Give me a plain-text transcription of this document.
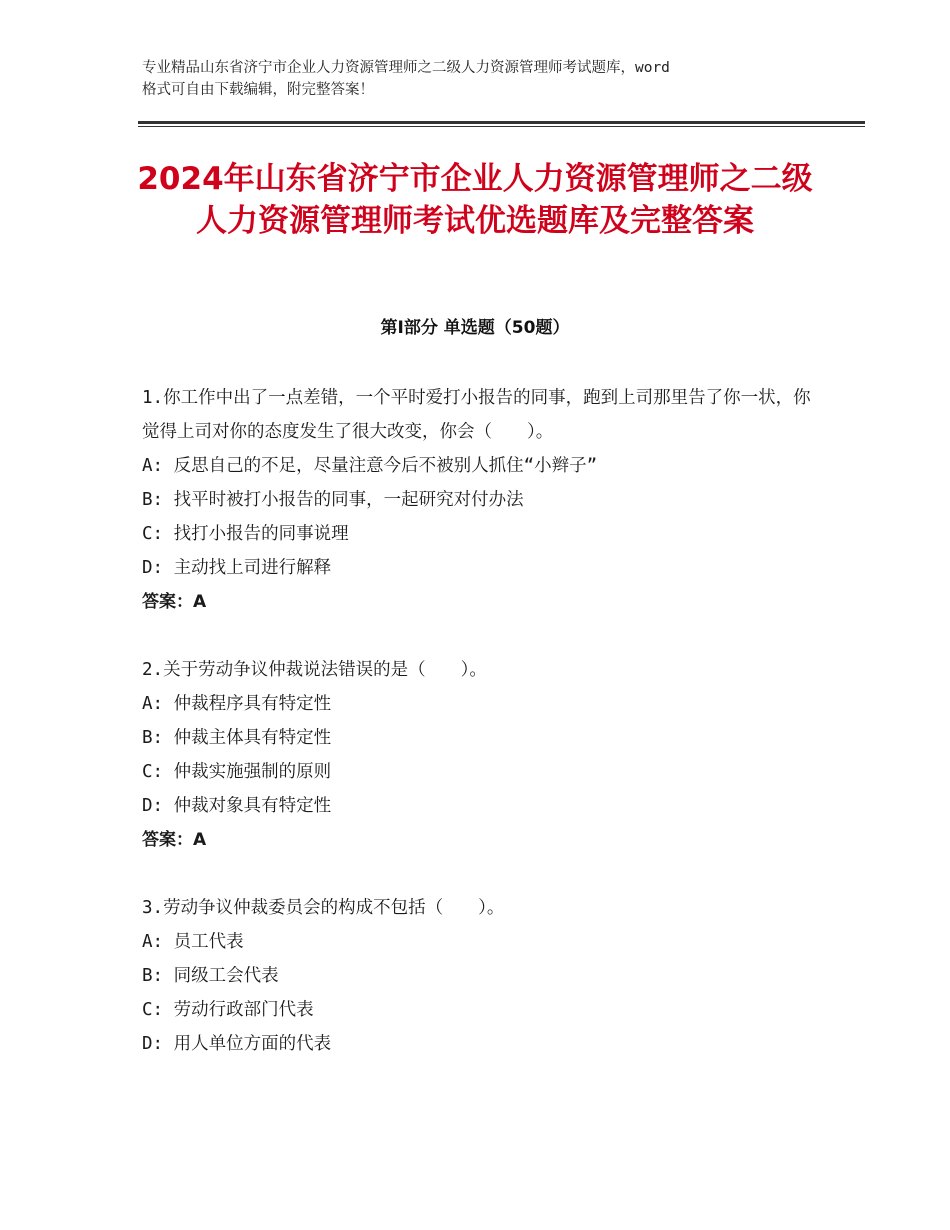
专业精品山东省济宁市企业人力资源管理师之二级人力资源管理师考试题库，word
格式可自由下载编辑，附完整答案！
2024年山东省济宁市企业人力资源管理师之二级人力资源管理师考试优选题库及完整答案
第Ⅰ部分 单选题（50题）

1.你工作中出了一点差错，一个平时爱打小报告的同事，跑到上司那里告了你一状，你觉得上司对你的态度发生了很大改变，你会（　　）。

A: 反思自己的不足，尽量注意今后不被别人抓住“小辫子”

B: 找平时被打小报告的同事，一起研究对付办法

C: 找打小报告的同事说理

D: 主动找上司进行解释

答案：A

2.关于劳动争议仲裁说法错误的是（　　）。

A: 仲裁程序具有特定性

B: 仲裁主体具有特定性

C: 仲裁实施强制的原则

D: 仲裁对象具有特定性

答案：A

3.劳动争议仲裁委员会的构成不包括（　　）。

A: 员工代表

B: 同级工会代表

C: 劳动行政部门代表

D: 用人单位方面的代表
